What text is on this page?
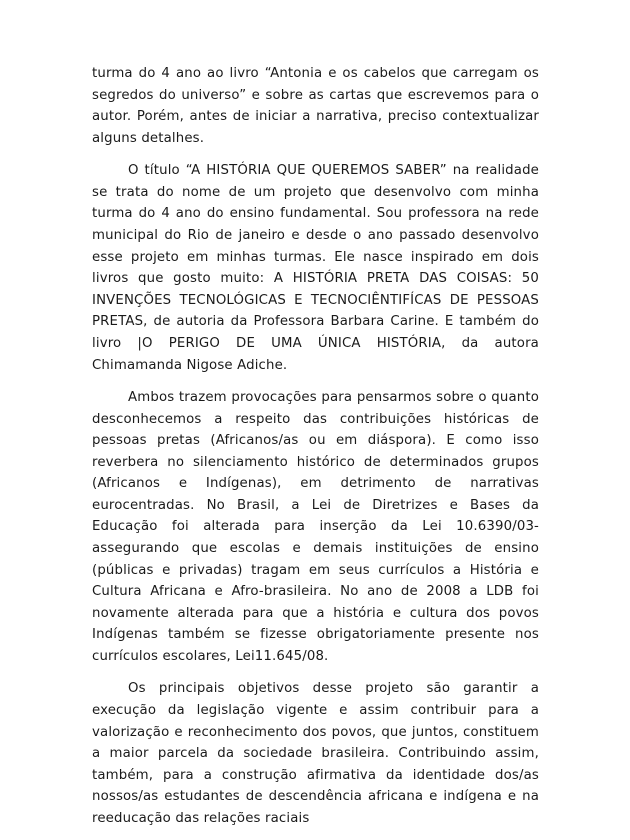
turma do 4 ano ao livro “Antonia e os cabelos que carregam os segredos do universo” e sobre as cartas que escrevemos para o autor. Porém, antes de iniciar a narrativa, preciso contextualizar alguns detalhes.

O título “A HISTÓRIA QUE QUEREMOS SABER” na realidade se trata do nome de um projeto que desenvolvo com minha turma do 4 ano do ensino fundamental. Sou professora na rede municipal do Rio de janeiro e desde o ano passado desenvolvo esse projeto em minhas turmas. Ele nasce inspirado em dois livros que gosto muito: A HISTÓRIA PRETA DAS COISAS: 50 INVENÇÕES TECNOLÓGICAS E TECNOCIÊNTIFÍCAS DE PESSOAS PRETAS, de autoria da Professora Barbara Carine. E também do livro |O PERIGO DE UMA ÚNICA HISTÓRIA, da autora Chimamanda Nigose Adiche.

Ambos trazem provocações para pensarmos sobre o quanto desconhecemos a respeito das contribuições históricas de pessoas pretas (Africanos/as ou em diáspora). E como isso reverbera no silenciamento histórico de determinados grupos (Africanos e Indígenas), em detrimento de narrativas eurocentradas. No Brasil, a Lei de Diretrizes e Bases da Educação foi alterada para inserção da Lei 10.6390/03- assegurando que escolas e demais instituições de ensino (públicas e privadas) tragam em seus currículos a História e Cultura Africana e Afro-brasileira. No ano de 2008 a LDB foi novamente alterada para que a história e cultura dos povos Indígenas também se fizesse obrigatoriamente presente nos currículos escolares, Lei11.645/08.

Os principais objetivos desse projeto são garantir a execução da legislação vigente e assim contribuir para a valorização e reconhecimento dos povos, que juntos, constituem a maior parcela da sociedade brasileira. Contribuindo assim, também, para a construção afirmativa da identidade dos/as nossos/as estudantes de descendência africana e indígena e na reeducação das relações raciais
